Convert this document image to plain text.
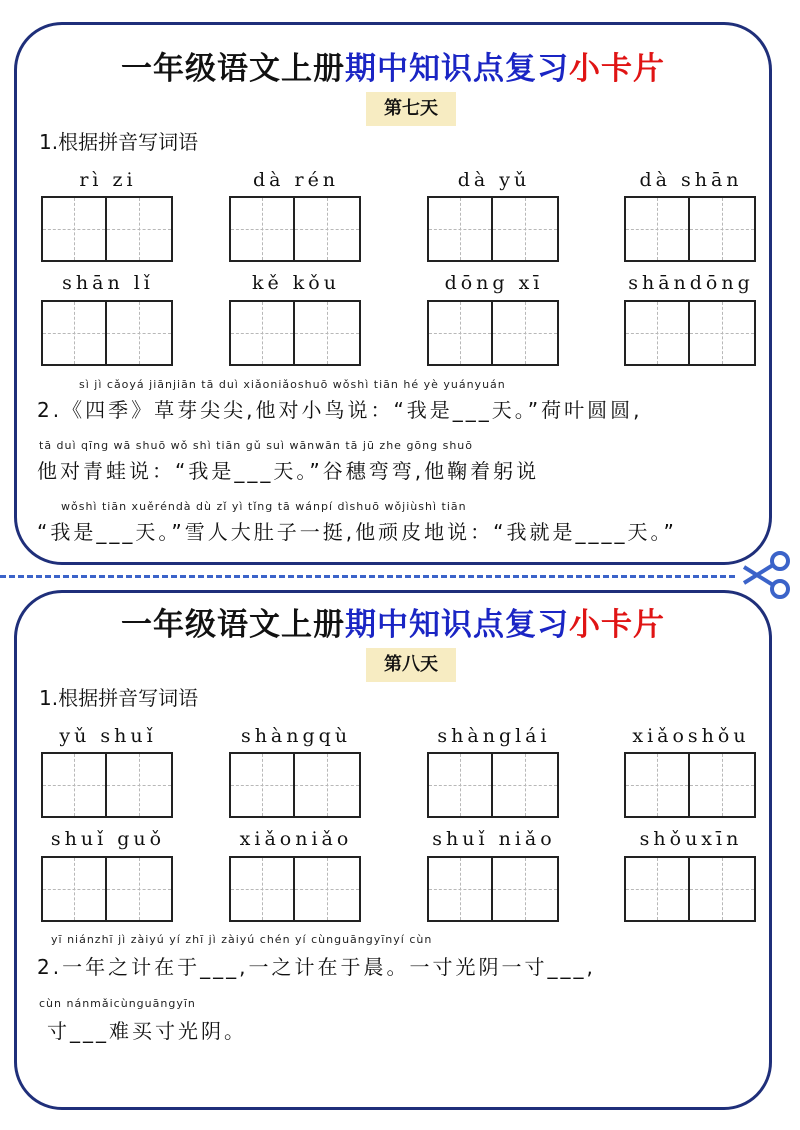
一年级语文上册期中知识点复习小卡片
第七天
1.根据拼音写词语
rì zi	dà rén	dà yǔ	dà shān
shān lǐ	kě kǒu	dōng xī	shāndōng
sì jì cǎoyá jiānjiān tā duì xiǎoniǎoshuō wǒshì tiān hé yè yuányuán
2.《四季》草芽尖尖,他对小鸟说：“我是___天。”荷叶圆圆,
tā duì qīng wā shuō wǒ shì tiān gǔ suì wānwān tā jū zhe gōng shuō
他对青蛙说：“我是___天。”谷穗弯弯,他鞠着躬说
wǒshì tiān xuěréndà dù zǐ yì tǐng tā wánpí dìshuō wǒjiùshì tiān
“我是___天。”雪人大肚子一挺,他顽皮地说：“我就是____天。”
一年级语文上册期中知识点复习小卡片
第八天
1.根据拼音写词语
yǔ shuǐ	shàngqù	shànglái	xiǎoshǒu
shuǐ guǒ	xiǎoniǎo	shuǐ niǎo	shǒuxīn
yī niánzhī jì zàiyú yí zhī jì zàiyú chén yí cùnguāngyīnyí cùn
2.一年之计在于___,一之计在于晨。一寸光阴一寸___,
cùn nánmǎicùnguāngyīn
寸___难买寸光阴。
